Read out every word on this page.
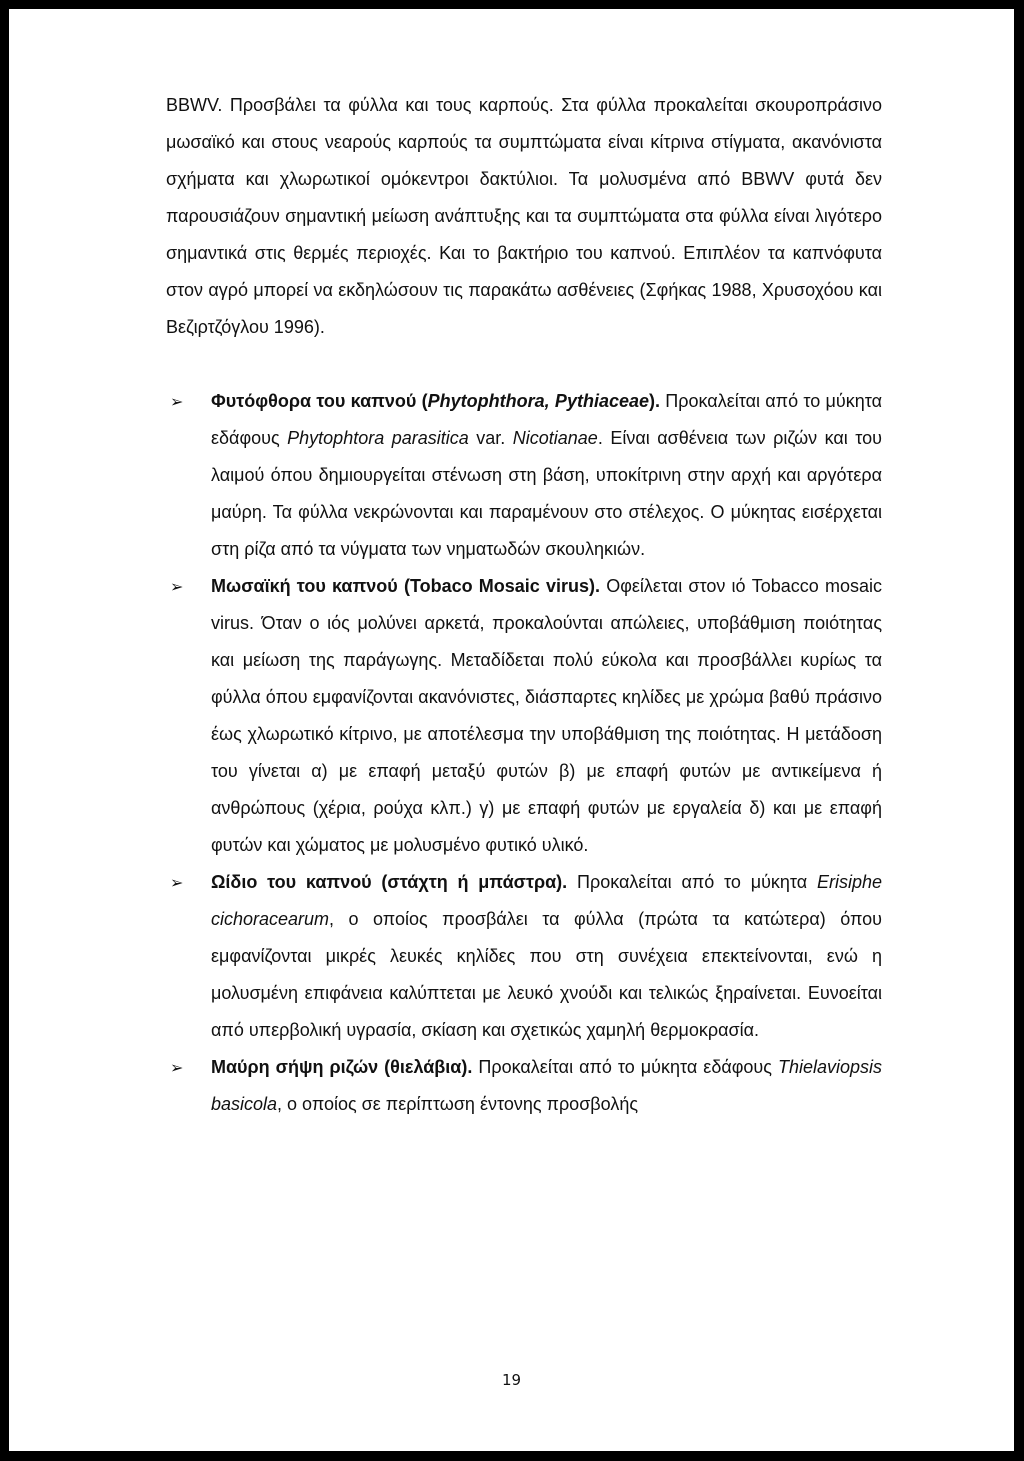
BBWV. Προσβάλει τα φύλλα και τους καρπούς. Στα φύλλα προκαλείται σκουροπράσινο μωσαϊκό και στους νεαρούς καρπούς τα συμπτώματα είναι κίτρινα στίγματα, ακανόνιστα σχήματα και χλωρωτικοί ομόκεντροι δακτύλιοι. Τα μολυσμένα από BBWV φυτά δεν παρουσιάζουν σημαντική μείωση ανάπτυξης και τα συμπτώματα στα φύλλα είναι λιγότερο σημαντικά στις θερμές περιοχές. Και το βακτήριο του καπνού. Επιπλέον τα καπνόφυτα στον αγρό μπορεί να εκδηλώσουν τις παρακάτω ασθένειες (Σφήκας 1988, Χρυσοχόου και Βεζιρτζόγλου 1996).

➢ Φυτόφθορα του καπνού (Phytophthora, Pythiaceae). Προκαλείται από το μύκητα εδάφους Phytophtora parasitica var. Nicotianae. Είναι ασθένεια των ριζών και του λαιμού όπου δημιουργείται στένωση στη βάση, υποκίτρινη στην αρχή και αργότερα μαύρη. Τα φύλλα νεκρώνονται και παραμένουν στο στέλεχος. Ο μύκητας εισέρχεται στη ρίζα από τα νύγματα των νηματωδών σκουληκιών.
➢ Μωσαϊκή του καπνού (Tobaco Mosaic virus). Οφείλεται στον ιό Tobacco mosaic virus. Όταν ο ιός μολύνει αρκετά, προκαλούνται απώλειες, υποβάθμιση ποιότητας και μείωση της παράγωγης. Μεταδίδεται πολύ εύκολα και προσβάλλει κυρίως τα φύλλα όπου εμφανίζονται ακανόνιστες, διάσπαρτες κηλίδες με χρώμα βαθύ πράσινο έως χλωρωτικό κίτρινο, με αποτέλεσμα την υποβάθμιση της ποιότητας. Η μετάδοση του γίνεται α) με επαφή μεταξύ φυτών β) με επαφή φυτών με αντικείμενα ή ανθρώπους (χέρια, ρούχα κλπ.) γ) με επαφή φυτών με εργαλεία δ) και με επαφή φυτών και χώματος με μολυσμένο φυτικό υλικό.
➢ Ωίδιο του καπνού (στάχτη ή μπάστρα). Προκαλείται από το μύκητα Erisiphe cichoracearum, ο οποίος προσβάλει τα φύλλα (πρώτα τα κατώτερα) όπου εμφανίζονται μικρές λευκές κηλίδες που στη συνέχεια επεκτείνονται, ενώ η μολυσμένη επιφάνεια καλύπτεται με λευκό χνούδι και τελικώς ξηραίνεται. Ευνοείται από υπερβολική υγρασία, σκίαση και σχετικώς χαμηλή θερμοκρασία.
➢ Μαύρη σήψη ριζών (θιελάβια). Προκαλείται από το μύκητα εδάφους Thielaviopsis basicola, ο οποίος σε περίπτωση έντονης προσβολής
19
